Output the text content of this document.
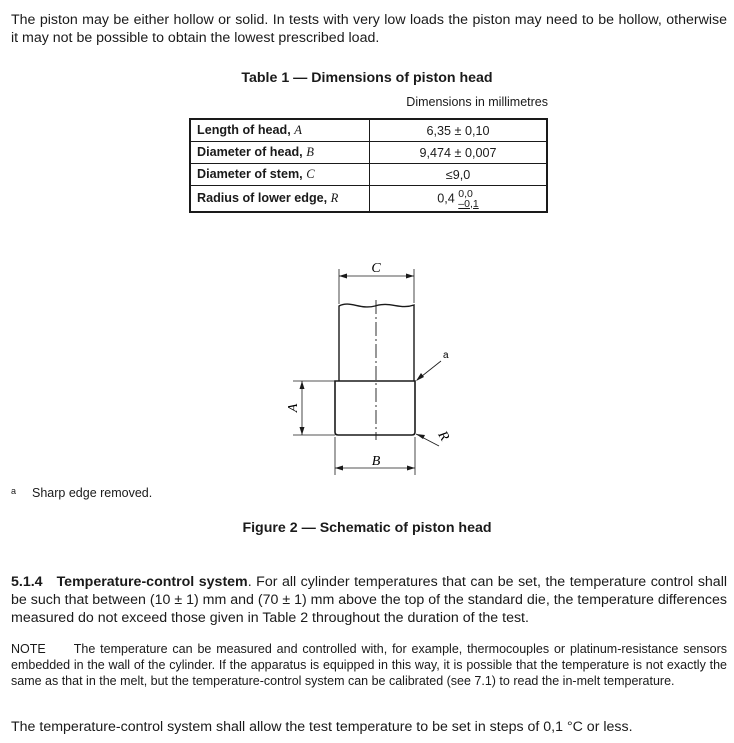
The piston may be either hollow or solid. In tests with very low loads the piston may need to be hollow, otherwise it may not be possible to obtain the lowest prescribed load.

Table 1 — Dimensions of piston head
Dimensions in millimetres
Length of head, A	6,35 ± 0,10
Diameter of head, B	9,474 ± 0,007
Diameter of stem, C	≤9,0
Radius of lower edge, R	0,4 0,0
–0,1
C
A
B
R
a
$^a$ Sharp edge removed.
Figure 2 — Schematic of piston head

5.1.4 Temperature-control system. For all cylinder temperatures that can be set, the temperature control shall be such that between (10 ± 1) mm and (70 ± 1) mm above the top of the standard die, the temperature differences measured do not exceed those given in Table 2 throughout the duration of the test.

NOTE The temperature can be measured and controlled with, for example, thermocouples or platinum-resistance sensors embedded in the wall of the cylinder. If the apparatus is equipped in this way, it is possible that the temperature is not exactly the same as that in the melt, but the temperature-control system can be calibrated (see 7.1) to read the in-melt temperature.

The temperature-control system shall allow the test temperature to be set in steps of 0,1 °C or less.
